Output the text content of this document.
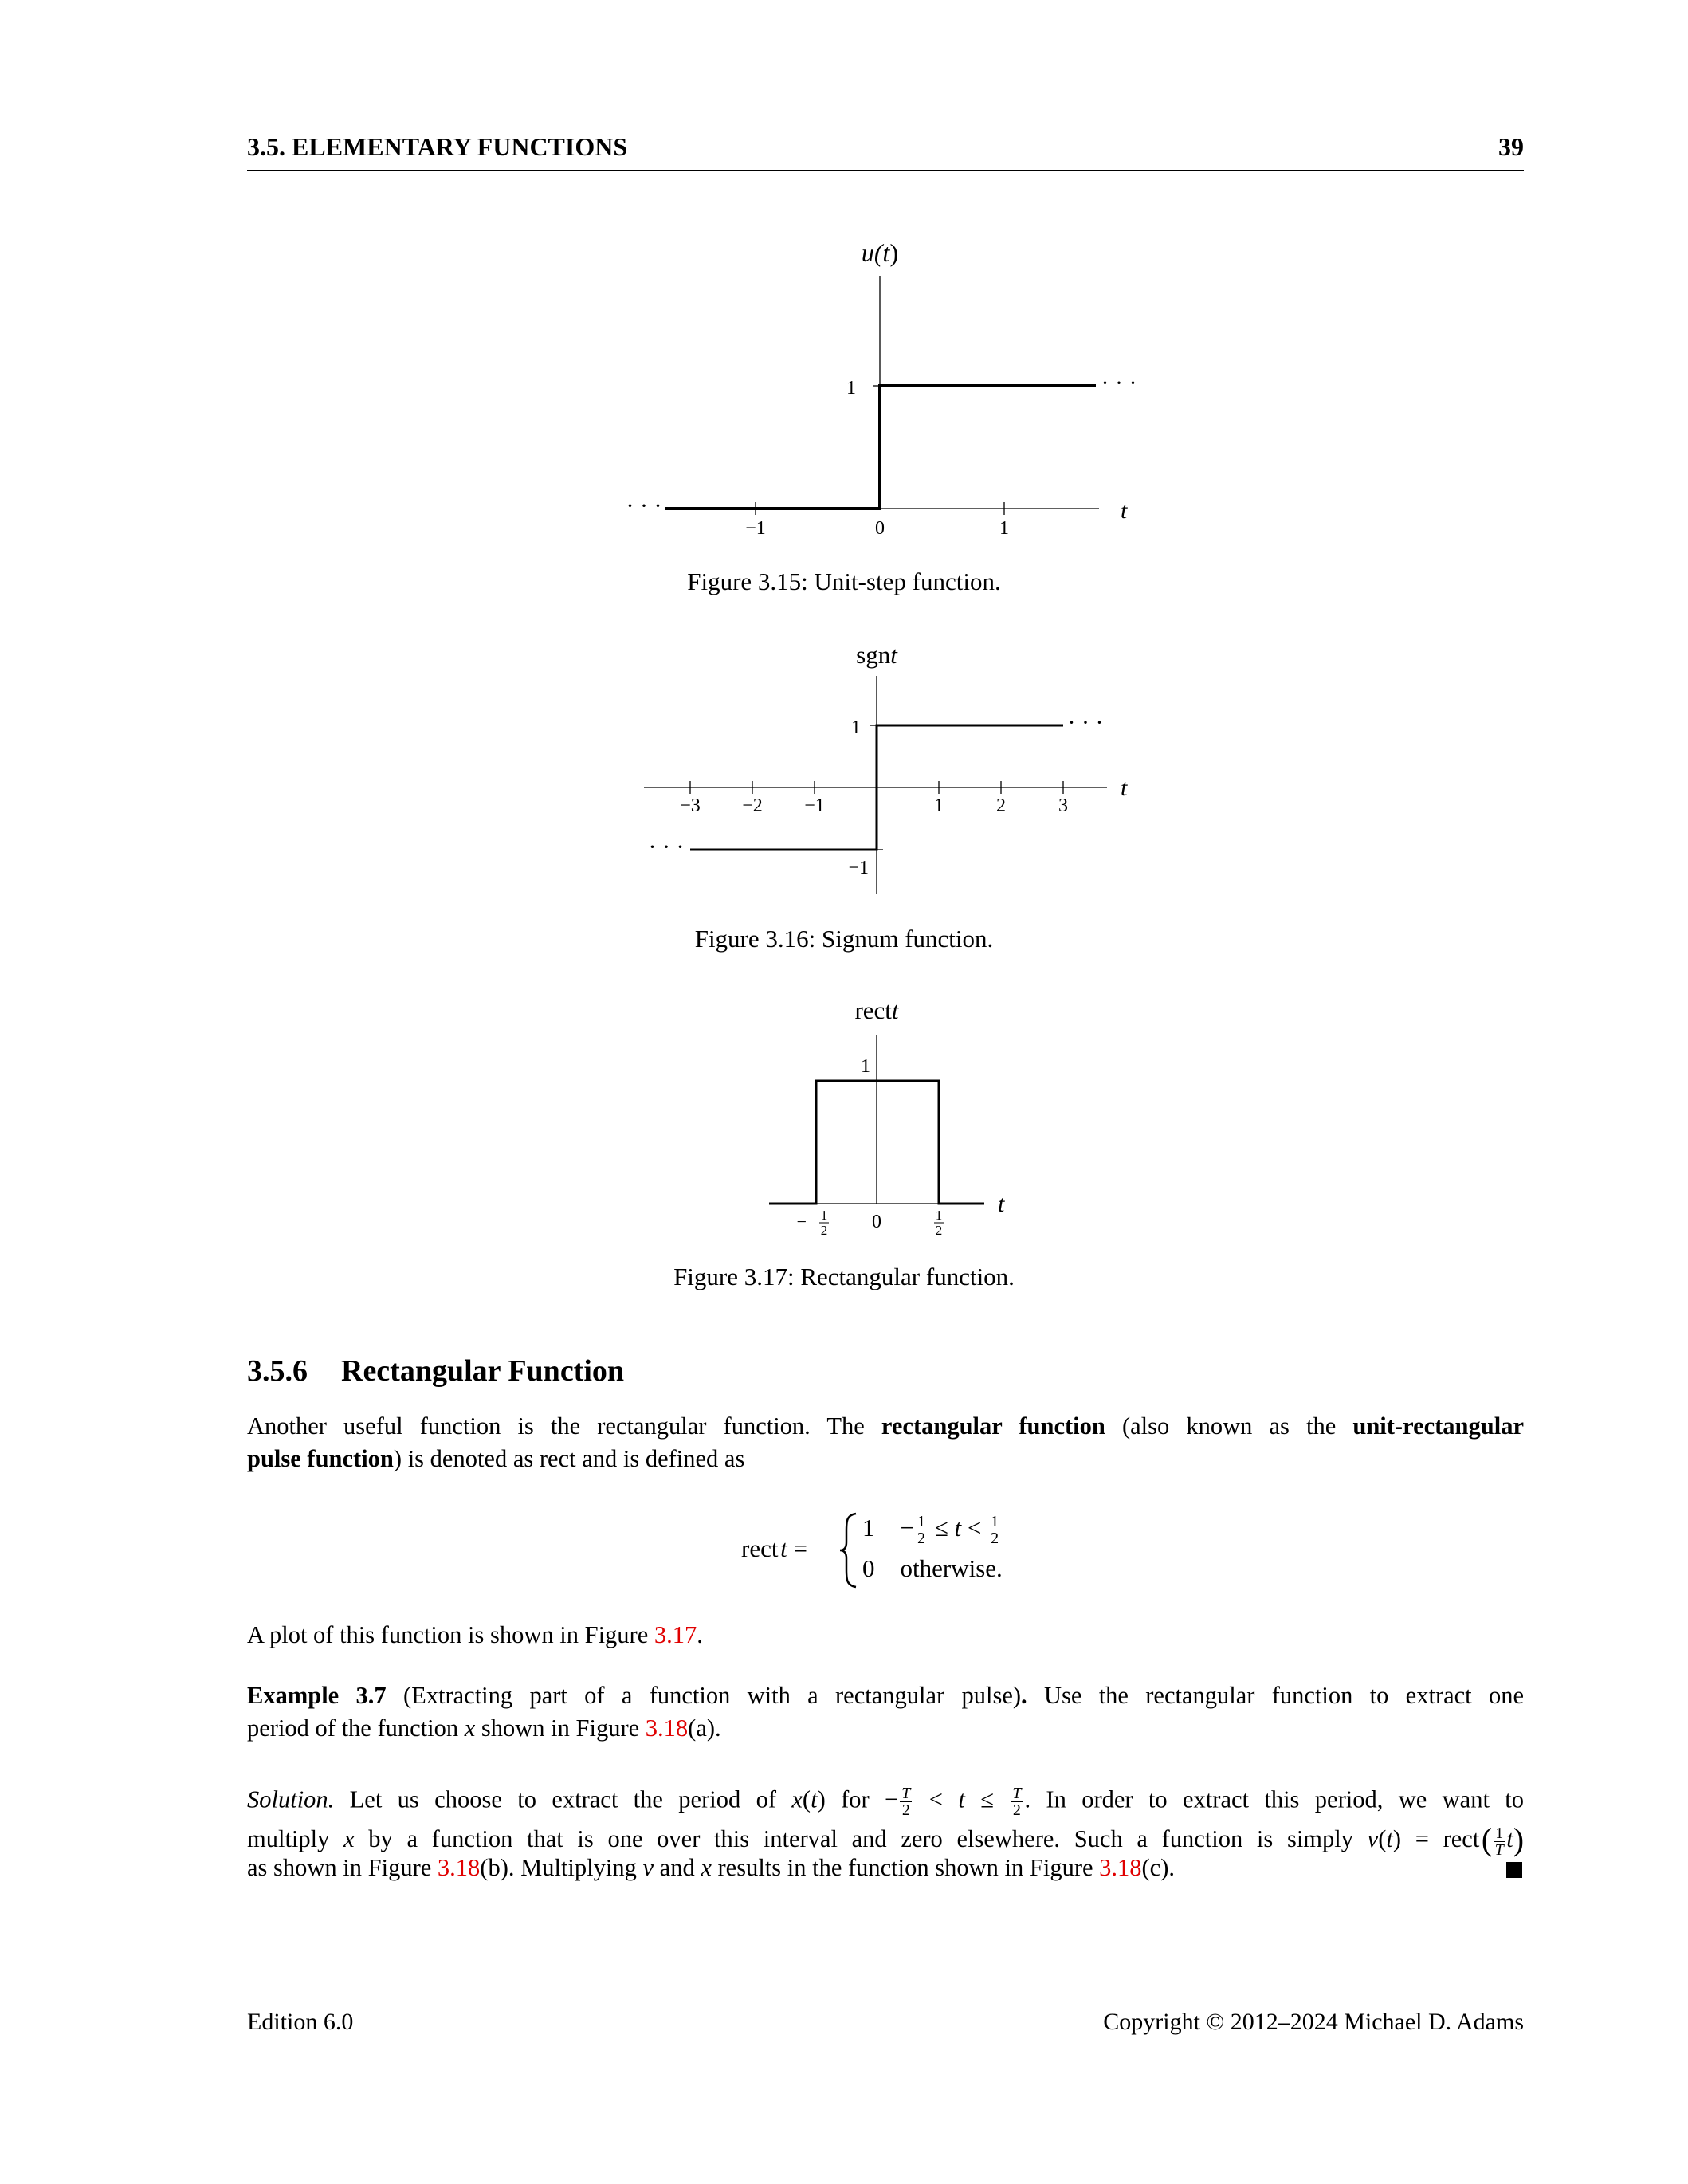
3.5. ELEMENTARY FUNCTIONS	39
· · ·
· · ·
u(t)
t
1
−1	0	1
· · ·
· · ·
sgnt
t
1
−1
−3 −2 −1	1	2	3
rectt
t
1
0
− 1
2
1
2
Figure 3.15: Unit-step function.
Figure 3.16: Signum function.
Figure 3.17: Rectangular function.
3.5.6 Rectangular Function
Another useful function is the rectangular function. The rectangular function (also known as the unit-rectangular
pulse function) is denoted as rect and is defined as
rect t =
$1 - \frac{1}{2} \le t < \frac{1}{2}$
0 otherwise.
A plot of this function is shown in Figure 3.17.
Example 3.7 (Extracting part of a function with a rectangular pulse). Use the rectangular function to extract one
period of the function x shown in Figure 3.18(a).
Solution. Let us choose to extract the period of x(t) for − $\frac{T}{2} < t \le \frac{T}{2}$ . In order to extract this period, we want to
multiply x by a function that is one over this interval and zero elsewhere. Such a function is simply v(t) = rect ( $\frac{1}{T} t$)
as shown in Figure 3.18(b). Multiplying v and x results in the function shown in Figure 3.18(c).
Edition 6.0	Copyright © 2012–2024 Michael D. Adams
